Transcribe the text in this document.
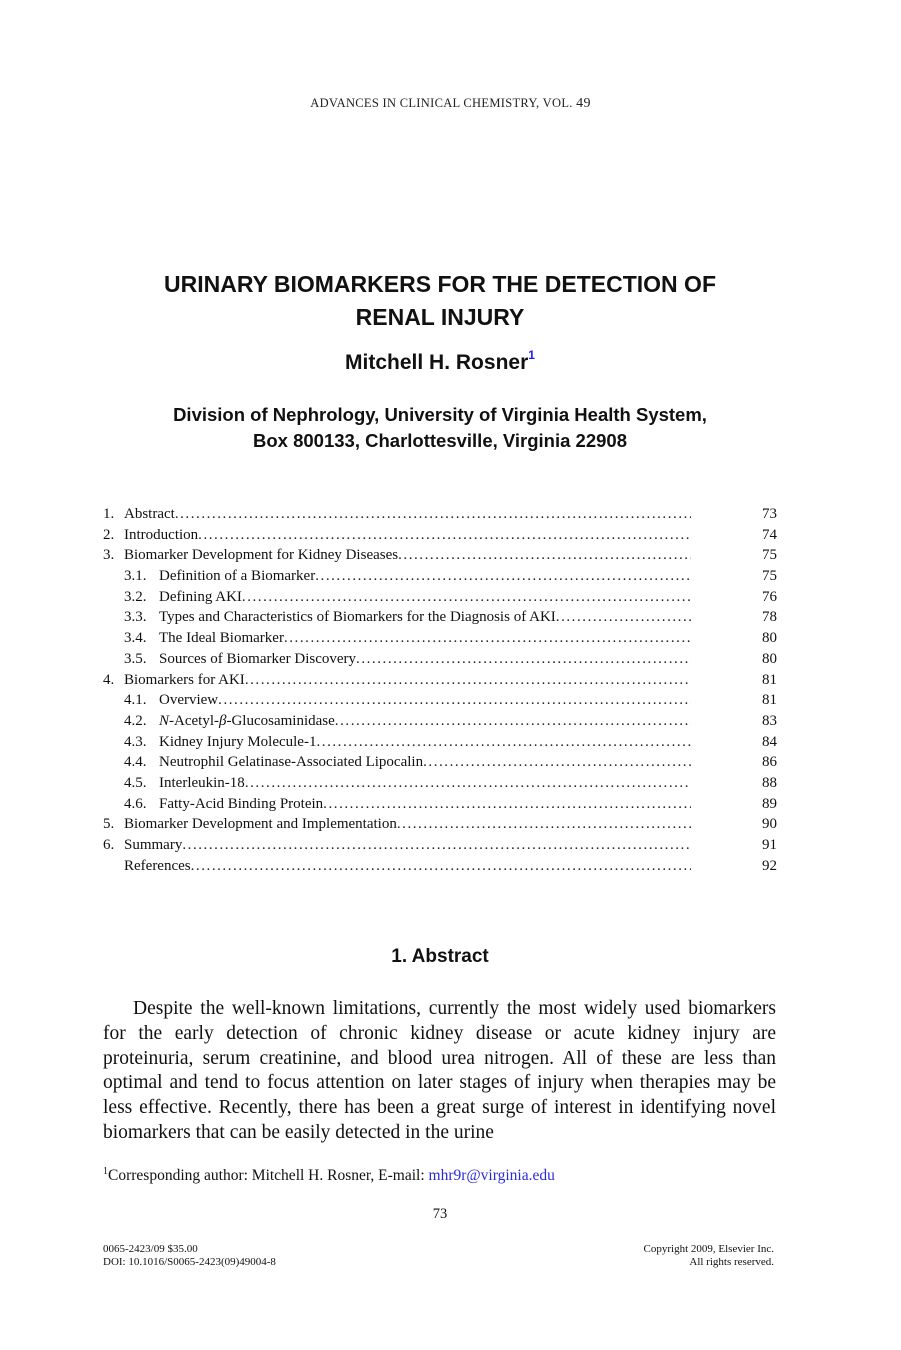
ADVANCES IN CLINICAL CHEMISTRY, VOL. 49
URINARY BIOMARKERS FOR THE DETECTION OF
RENAL INJURY
Mitchell H. Rosner$^1$
Division of Nephrology, University of Virginia Health System,
Box 800133, Charlottesville, Virginia 22908
1. Abstract . . .	73
2. Introduction . . .	74
3. Biomarker Development for Kidney Diseases . . .	75
3.1. Definition of a Biomarker . . .	75
3.2. Defining AKI . . .	76
3.3. Types and Characteristics of Biomarkers for the Diagnosis of AKI . . .	78
3.4. The Ideal Biomarker . . .	80
3.5. Sources of Biomarker Discovery . . .	80
4. Biomarkers for AKI . . .	81
4.1. Overview . . .	81
4.2. N-Acetyl-β-Glucosaminidase . . .	83
4.3. Kidney Injury Molecule-1 . . .	84
4.4. Neutrophil Gelatinase-Associated Lipocalin . . .	86
4.5. Interleukin-18 . . .	88
4.6. Fatty-Acid Binding Protein . . .	89
5. Biomarker Development and Implementation . . .	90
6. Summary . . .	91
References . . .	92
1. Abstract

Despite the well-known limitations, currently the most widely used biomarkers for the early detection of chronic kidney disease or acute kidney injury are proteinuria, serum creatinine, and blood urea nitrogen. All of these are less than optimal and tend to focus attention on later stages of injury when therapies may be less effective. Recently, there has been a great surge of interest in identifying novel biomarkers that can be easily detected in the urine

$^1$Corresponding author: Mitchell H. Rosner, E-mail: mhr9r@virginia.edu
73
0065-2423/09 $35.00
DOI: 10.1016/S0065-2423(09)49004-8
Copyright 2009, Elsevier Inc.
All rights reserved.
